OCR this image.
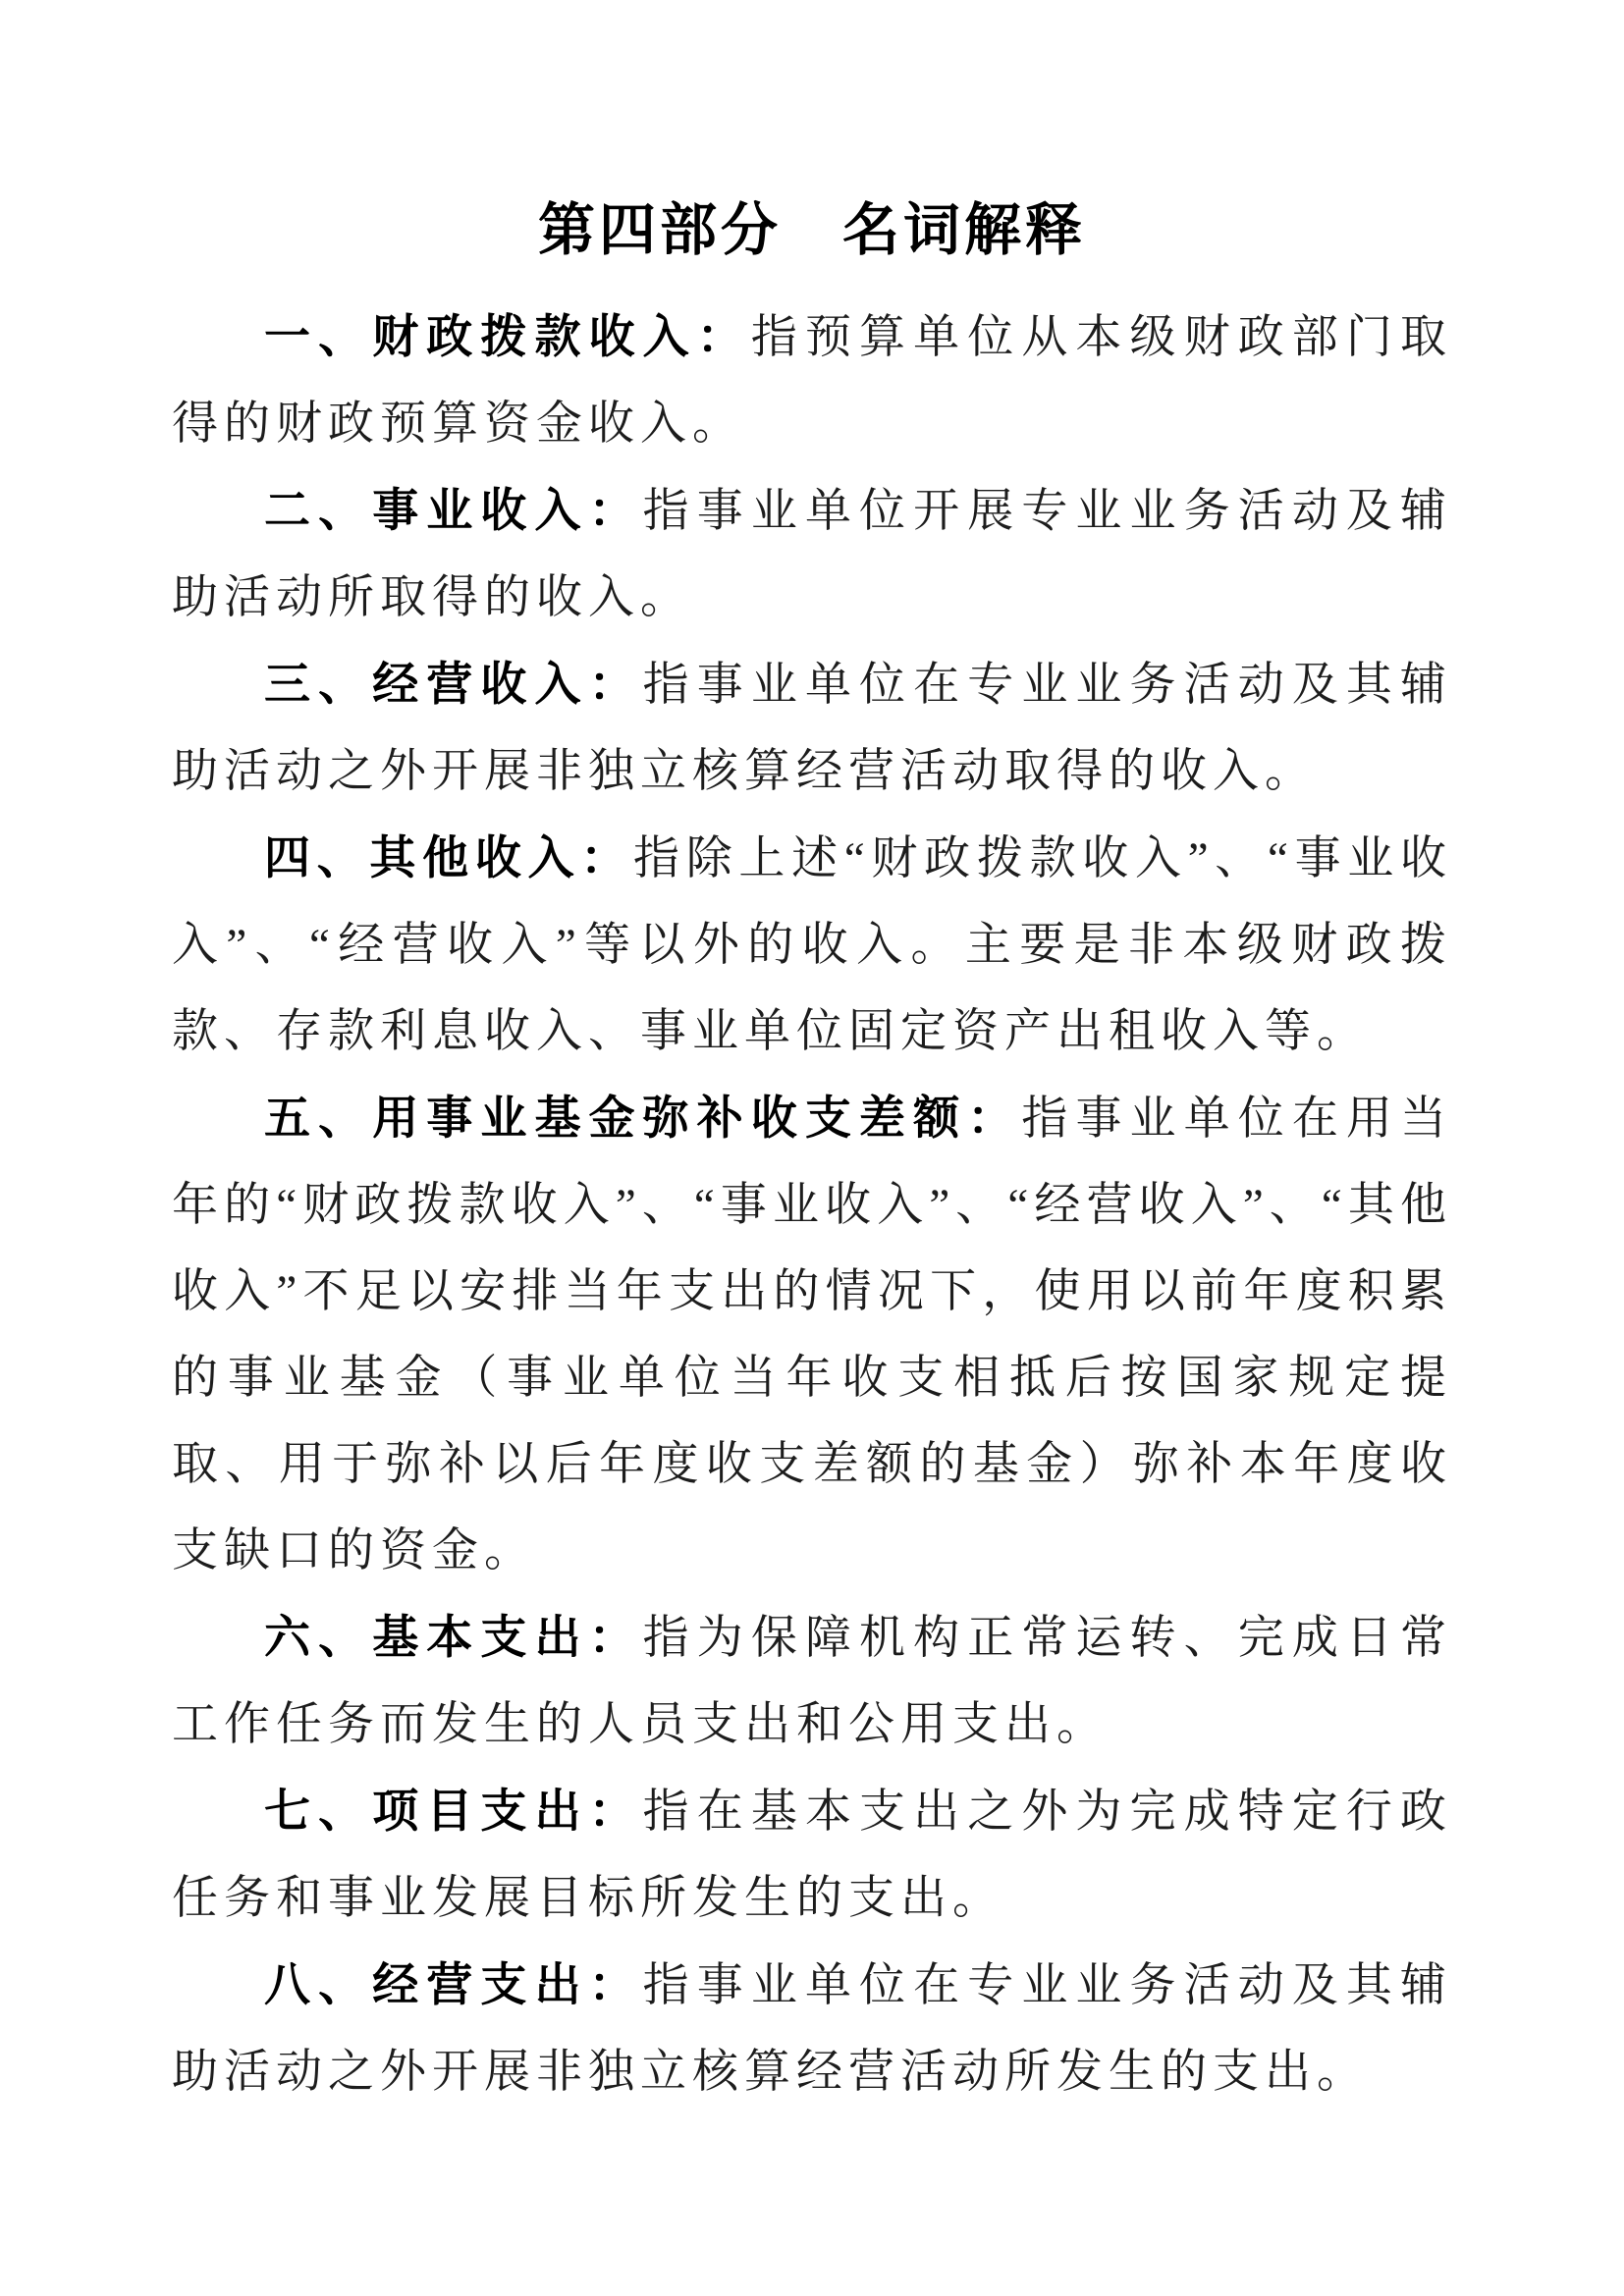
第四部分　名词解释

一、财政拨款收入：指预算单位从本级财政部门取得的财政预算资金收入。

二、事业收入：指事业单位开展专业业务活动及辅助活动所取得的收入。

三、经营收入：指事业单位在专业业务活动及其辅助活动之外开展非独立核算经营活动取得的收入。

四、其他收入：指除上述“财政拨款收入”、“事业收入”、“经营收入”等以外的收入。主要是非本级财政拨款、存款利息收入、事业单位固定资产出租收入等。

五、用事业基金弥补收支差额：指事业单位在用当年的“财政拨款收入”、“事业收入”、“经营收入”、“其他收入”不足以安排当年支出的情况下，使用以前年度积累的事业基金（事业单位当年收支相抵后按国家规定提取、用于弥补以后年度收支差额的基金）弥补本年度收支缺口的资金。

六、基本支出：指为保障机构正常运转、完成日常工作任务而发生的人员支出和公用支出。

七、项目支出：指在基本支出之外为完成特定行政任务和事业发展目标所发生的支出。

八、经营支出：指事业单位在专业业务活动及其辅助活动之外开展非独立核算经营活动所发生的支出。
